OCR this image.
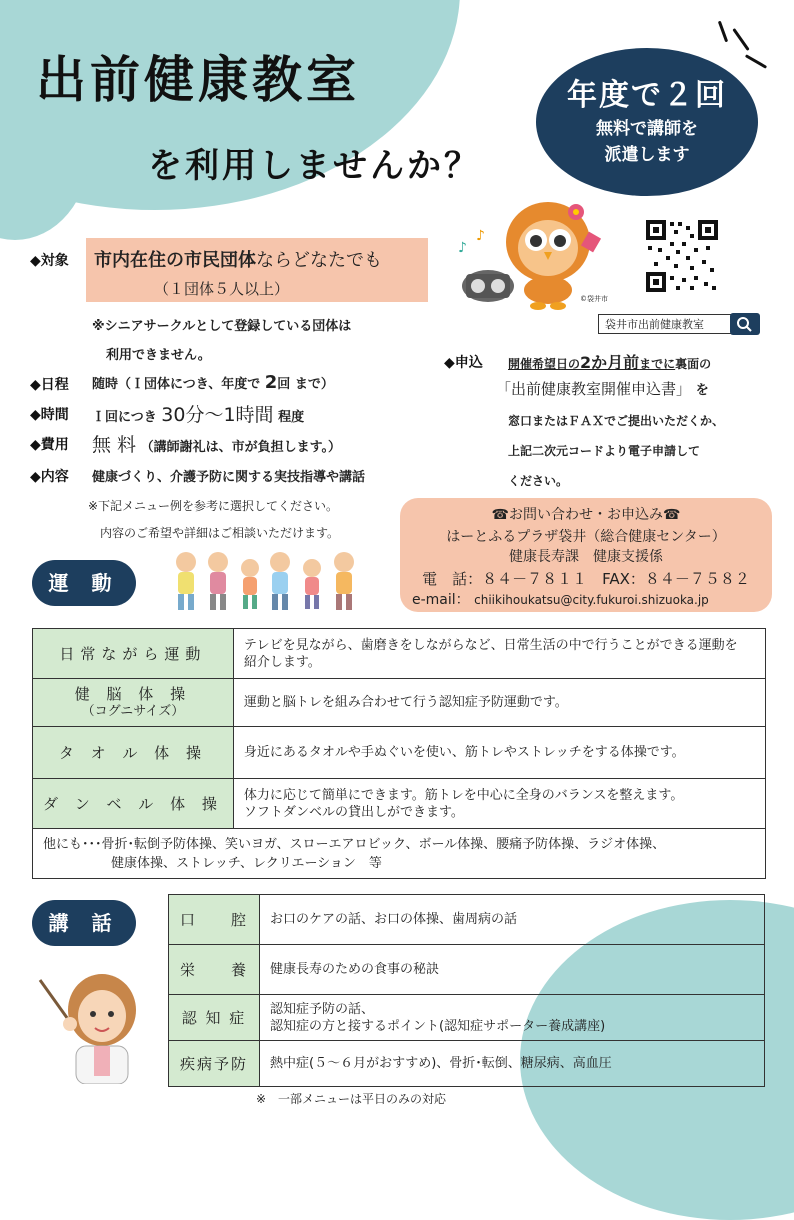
出前健康教室
を利用しませんか？
年度で２回
無料で講師を
派遣します
♪
♪
©袋井市
袋井市出前健康教室
◆対象 市内在住の市民団体ならどなたでも
（１団体５人以上）
※シニアサークルとして登録している団体は
利用できません。
◆日程 随時（Ｉ団体につき、年度で 2回 まで）
◆時間 Ｉ回につき 30分～1時間 程度
◆費用 無 料 （講師謝礼は、市が負担します。）
◆内容 健康づくり、介護予防に関する実技指導や講話
※下記メニュー例を参考に選択してください。
内容のご希望や詳細はご相談いただけます。
◆申込 開催希望日の2か月前までに裏面の
「出前健康教室開催申込書」 を
窓口またはＦＡＸでご提出いただくか、
上記二次元コードより電子申請して
ください。
☎お問い合わせ・お申込み☎
はーとふるプラザ袋井（総合健康センター）
健康長寿課　健康支援係
電　話：８４－７８１１　FAX：８４－７５８２
e-mail： chiikihoukatsu@city.fukuroi.shizuoka.jp
運 動
日常ながら運動	テレビを見ながら、歯磨きをしながらなど、日常生活の中で行うことができる運動を
紹介します。

健 脳 体 操
（コグニサイズ）	運動と脳トレを組み合わせて行う認知症予防運動です。

タ オ ル 体 操	身近にあるタオルや手ぬぐいを使い、筋トレやストレッチをする体操です。

ダ ン ベ ル 体 操	体力に応じて簡単にできます。筋トレを中心に全身のバランスを整えます。
ソフトダンベルの貸出しができます。

他にも･･･骨折･転倒予防体操、笑いヨガ、スローエアロビック、ボール体操、腰痛予防体操、ラジオ体操、
健康体操、ストレッチ、レクリエーション　等	
講 話	口　　腔	お口のケアの話、お口の体操、歯周病の話

栄　　養	健康長寿のための食事の秘訣

認 知 症	認知症予防の話、
認知症の方と接するポイント(認知症サポーター養成講座)

疾病予防	熱中症(５～６月がおすすめ)、骨折･転倒、糖尿病、高血圧
※　一部メニューは平日のみの対応
